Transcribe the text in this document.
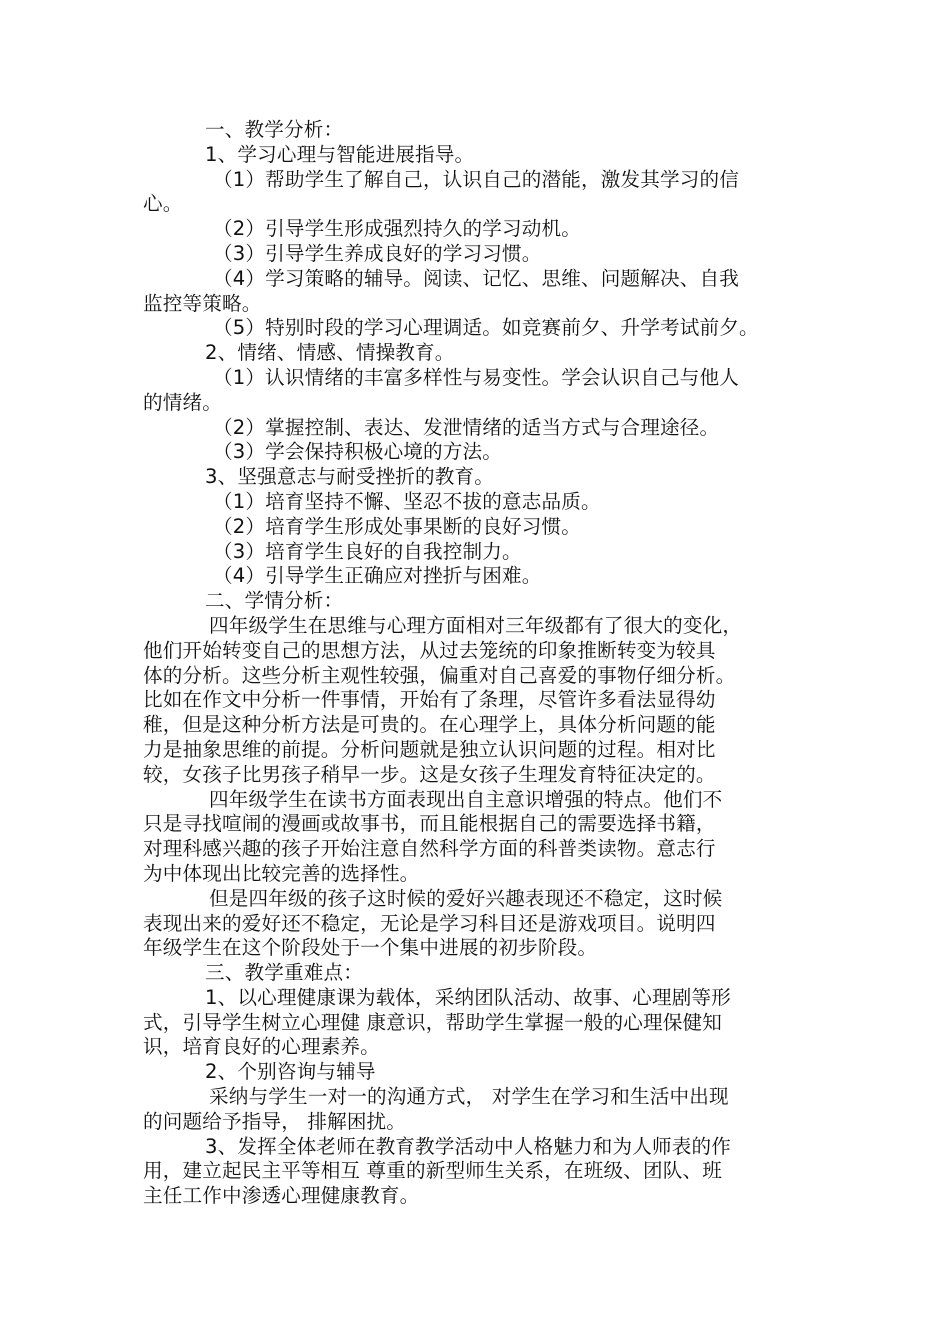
一、教学分析：
1、学习心理与智能进展指导。
（1）帮助学生了解自己，认识自己的潜能，激发其学习的信
心。
（2）引导学生形成强烈持久的学习动机。
（3）引导学生养成良好的学习习惯。
（4）学习策略的辅导。阅读、记忆、思维、问题解决、自我
监控等策略。
（5）特别时段的学习心理调适。如竞赛前夕、升学考试前夕。
2、情绪、情感、情操教育。
（1）认识情绪的丰富多样性与易变性。学会认识自己与他人
的情绪。
（2）掌握控制、表达、发泄情绪的适当方式与合理途径。
（3）学会保持积极心境的方法。
3、坚强意志与耐受挫折的教育。
（1）培育坚持不懈、坚忍不拔的意志品质。
（2）培育学生形成处事果断的良好习惯。
（3）培育学生良好的自我控制力。
（4）引导学生正确应对挫折与困难。
二、学情分析：
四年级学生在思维与心理方面相对三年级都有了很大的变化，
他们开始转变自己的思想方法，从过去笼统的印象推断转变为较具
体的分析。这些分析主观性较强，偏重对自己喜爱的事物仔细分析。
比如在作文中分析一件事情，开始有了条理，尽管许多看法显得幼
稚，但是这种分析方法是可贵的。在心理学上，具体分析问题的能
力是抽象思维的前提。分析问题就是独立认识问题的过程。相对比
较，女孩子比男孩子稍早一步。这是女孩子生理发育特征决定的。
四年级学生在读书方面表现出自主意识增强的特点。他们不
只是寻找喧闹的漫画或故事书，而且能根据自己的需要选择书籍，
对理科感兴趣的孩子开始注意自然科学方面的科普类读物。意志行
为中体现出比较完善的选择性。
但是四年级的孩子这时候的爱好兴趣表现还不稳定，这时候
表现出来的爱好还不稳定，无论是学习科目还是游戏项目。说明四
年级学生在这个阶段处于一个集中进展的初步阶段。
三、教学重难点：
1、以心理健康课为载体，采纳团队活动、故事、心理剧等形
式，引导学生树立心理健 康意识，帮助学生掌握一般的心理保健知
识，培育良好的心理素养。
2、个别咨询与辅导
采纳与学生一对一的沟通方式， 对学生在学习和生活中出现
的问题给予指导， 排解困扰。
3、发挥全体老师在教育教学活动中人格魅力和为人师表的作
用，建立起民主平等相互 尊重的新型师生关系，在班级、团队、班
主任工作中渗透心理健康教育。
